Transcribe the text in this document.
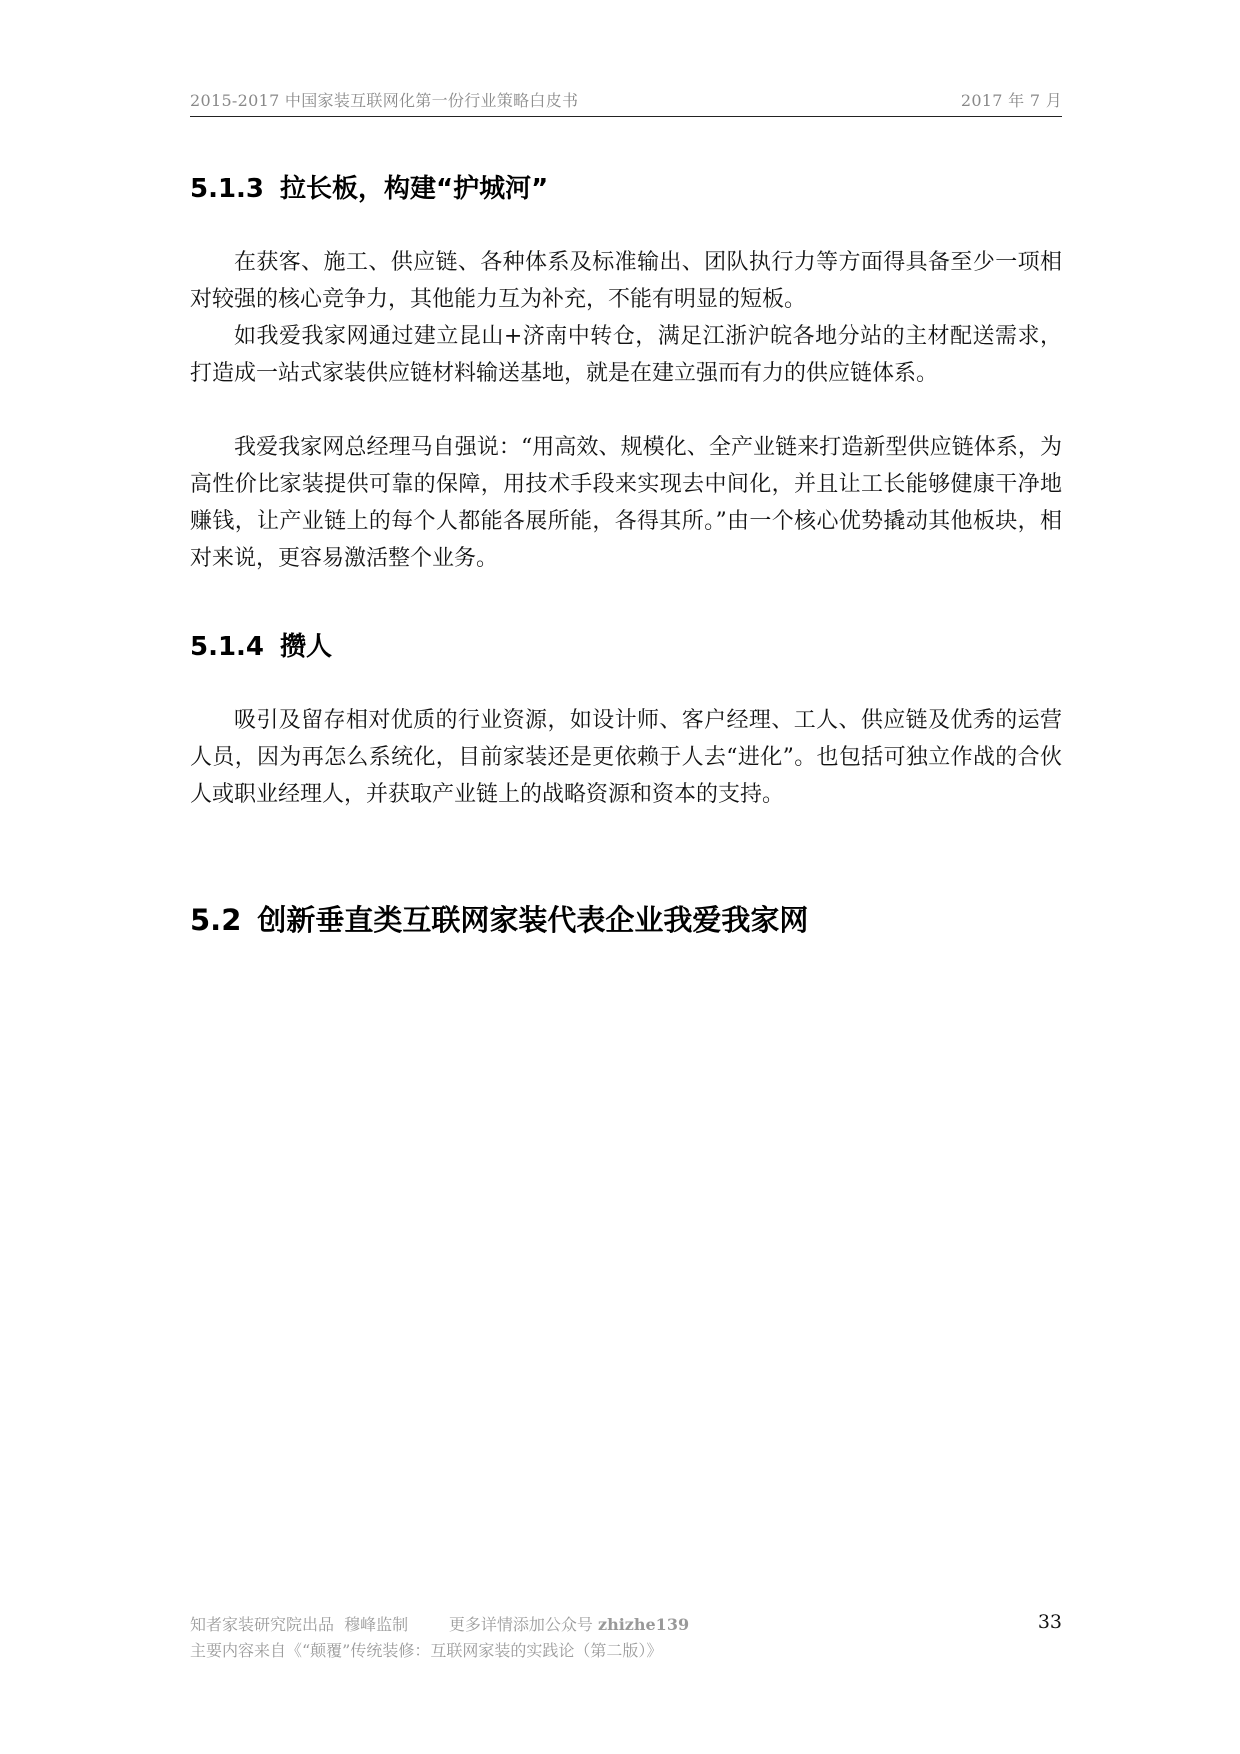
2015-2017 中国家装互联网化第一份行业策略白皮书	2017 年 7 月
5.1.3 拉长板，构建“护城河”

在获客、施工、供应链、各种体系及标准输出、团队执行力等方面得具备至少一项相对较强的核心竞争力，其他能力互为补充，不能有明显的短板。

如我爱我家网通过建立昆山+济南中转仓，满足江浙沪皖各地分站的主材配送需求，打造成一站式家装供应链材料输送基地，就是在建立强而有力的供应链体系。

我爱我家网总经理马自强说：“用高效、规模化、全产业链来打造新型供应链体系，为高性价比家装提供可靠的保障，用技术手段来实现去中间化，并且让工长能够健康干净地赚钱，让产业链上的每个人都能各展所能，各得其所。”由一个核心优势撬动其他板块，相对来说，更容易激活整个业务。

5.1.4 攒人

吸引及留存相对优质的行业资源，如设计师、客户经理、工人、供应链及优秀的运营人员，因为再怎么系统化，目前家装还是更依赖于人去“进化”。也包括可独立作战的合伙人或职业经理人，并获取产业链上的战略资源和资本的支持。

5.2 创新垂直类互联网家装代表企业我爱我家网
知者家装研究院出品  穆峰监制	更多详情添加公众号 zhizhe139
主要内容来自《“颠覆”传统装修：互联网家装的实践论（第二版）》
33
